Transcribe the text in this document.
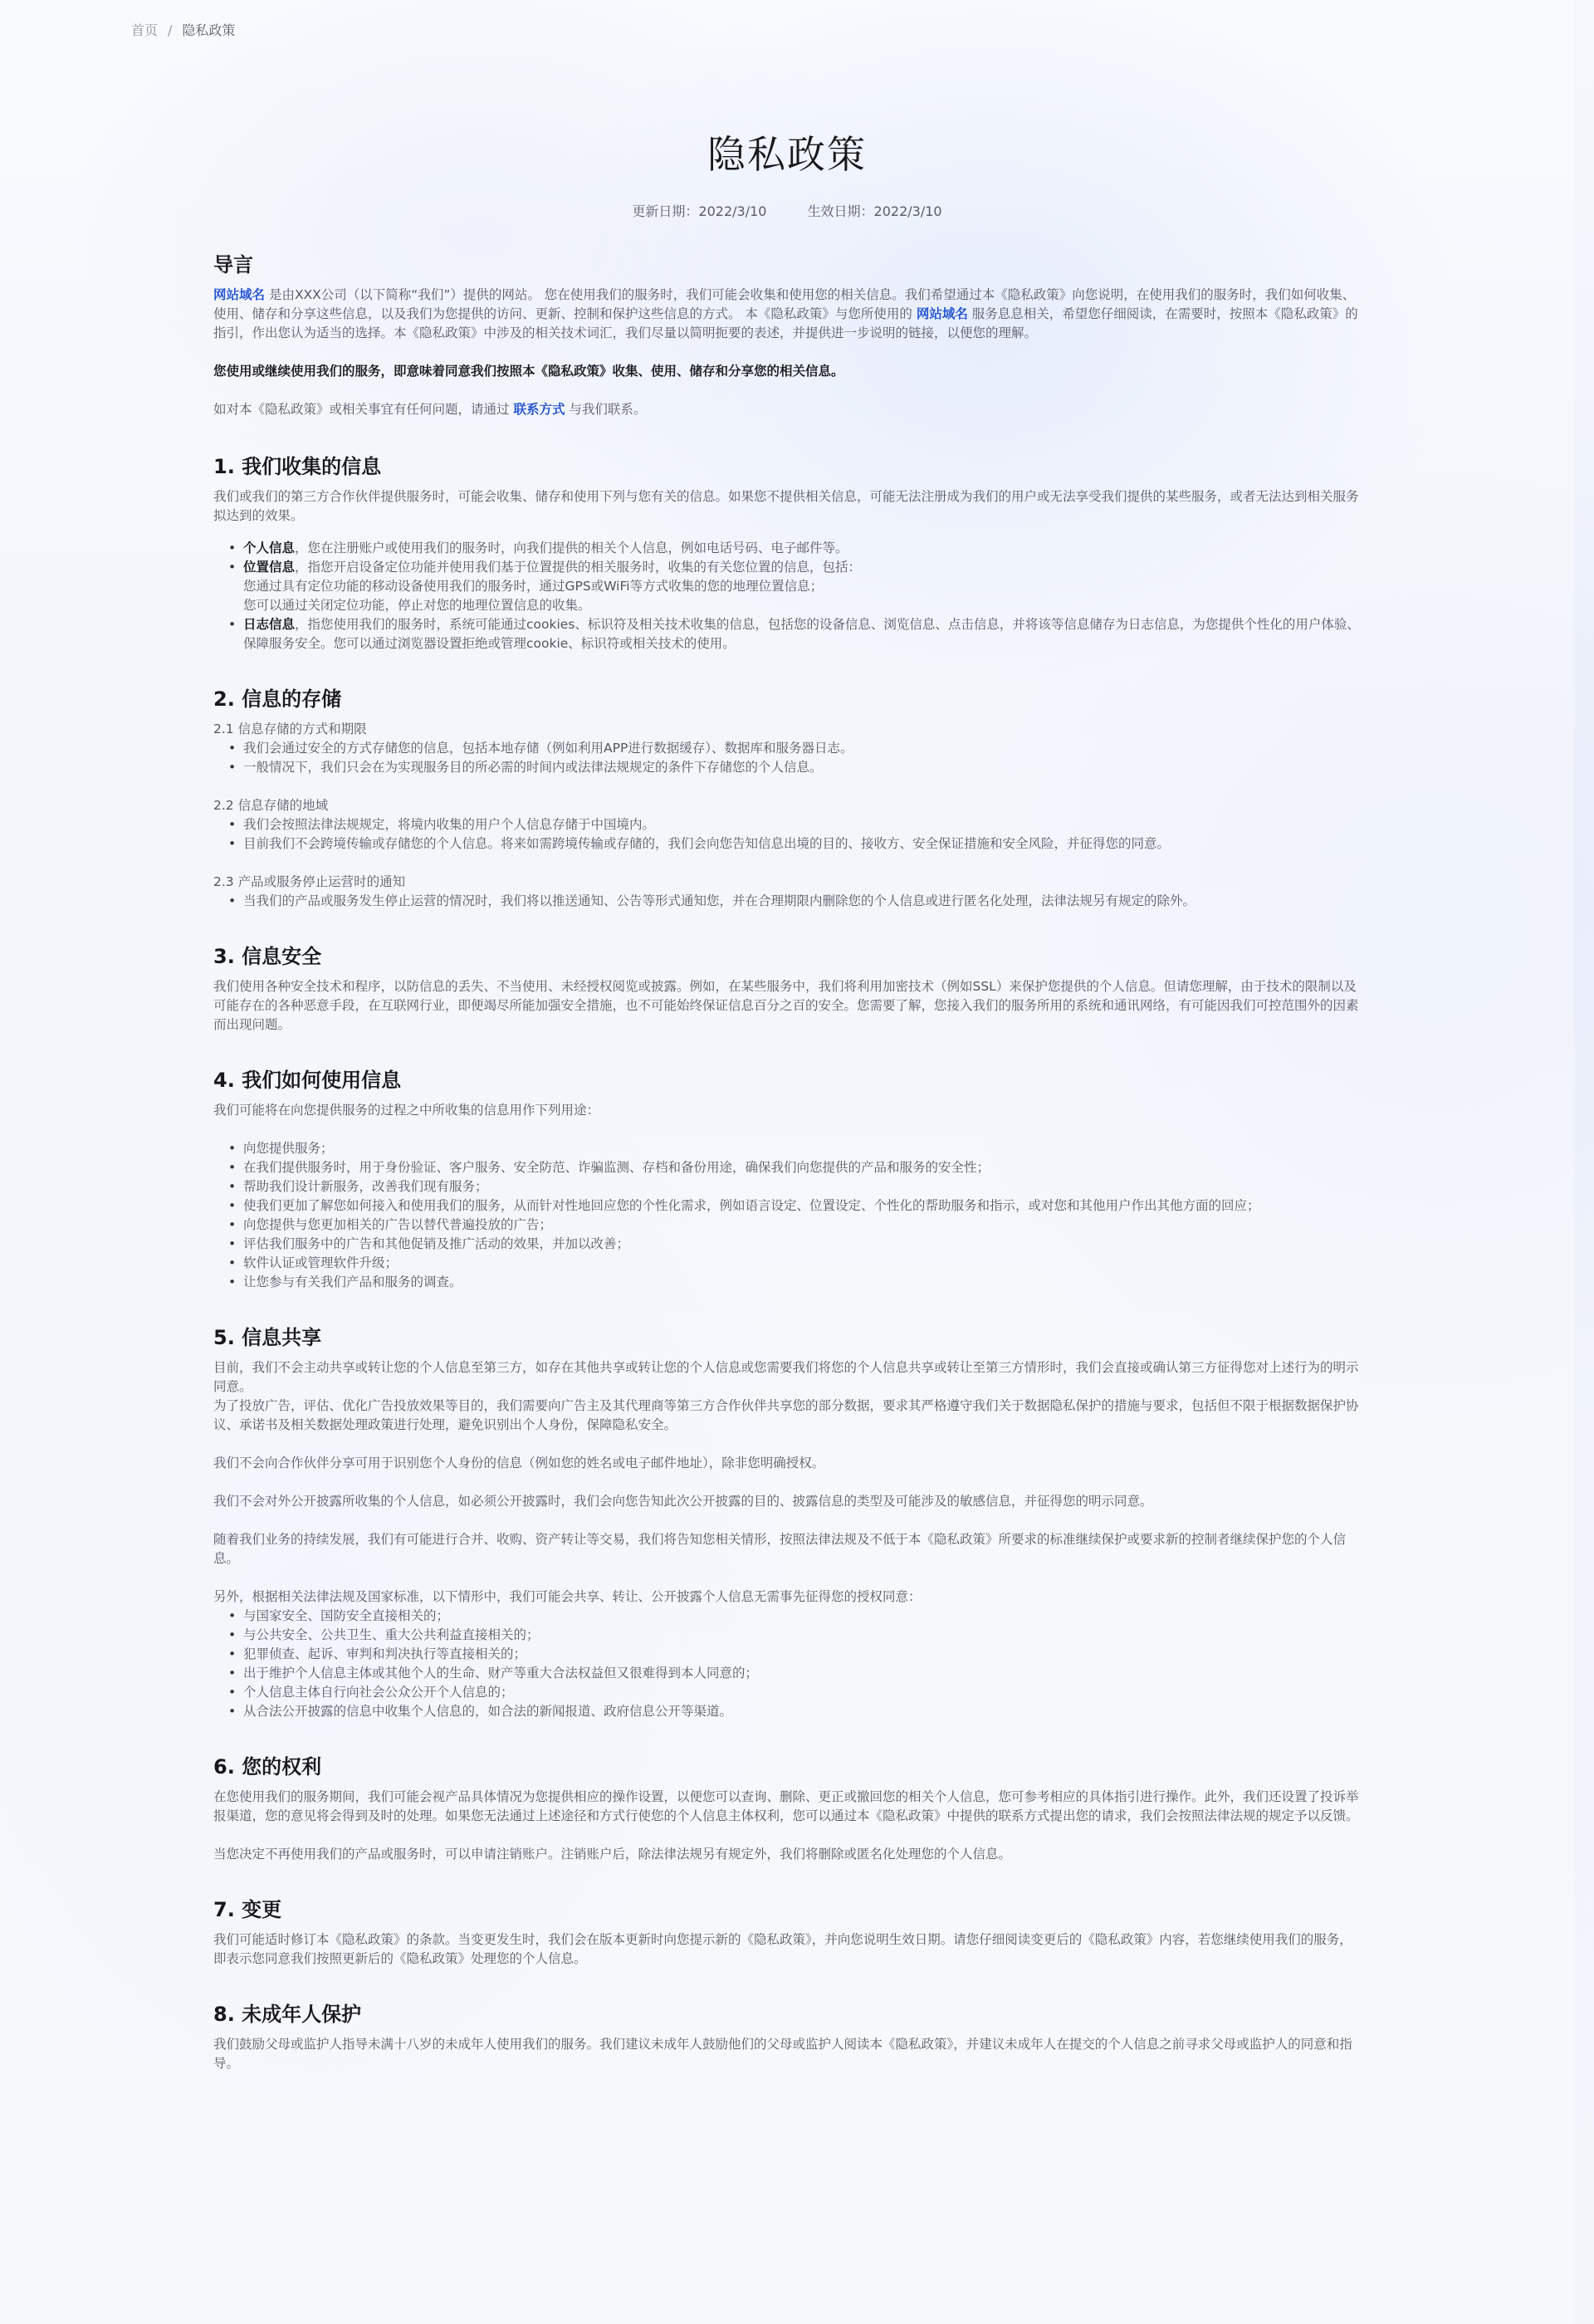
首页 / 隐私政策
隐私政策
更新日期：2022/3/10	生效日期：2022/3/10
导言

网站域名 是由XXX公司（以下简称“我们”）提供的网站。 您在使用我们的服务时，我们可能会收集和使用您的相关信息。我们希望通过本《隐私政策》向您说明，在使用我们的服务时，我们如何收集、使用、储存和分享这些信息，以及我们为您提供的访问、更新、控制和保护这些信息的方式。 本《隐私政策》与您所使用的 网站域名 服务息息相关，希望您仔细阅读，在需要时，按照本《隐私政策》的指引，作出您认为适当的选择。本《隐私政策》中涉及的相关技术词汇，我们尽量以简明扼要的表述，并提供进一步说明的链接，以便您的理解。

您使用或继续使用我们的服务，即意味着同意我们按照本《隐私政策》收集、使用、储存和分享您的相关信息。

如对本《隐私政策》或相关事宜有任何问题，请通过 联系方式 与我们联系。

1. 我们收集的信息

我们或我们的第三方合作伙伴提供服务时，可能会收集、储存和使用下列与您有关的信息。如果您不提供相关信息，可能无法注册成为我们的用户或无法享受我们提供的某些服务，或者无法达到相关服务拟达到的效果。

• 个人信息，您在注册账户或使用我们的服务时，向我们提供的相关个人信息，例如电话号码、电子邮件等。
• 位置信息，指您开启设备定位功能并使用我们基于位置提供的相关服务时，收集的有关您位置的信息，包括：
您通过具有定位功能的移动设备使用我们的服务时，通过GPS或WiFi等方式收集的您的地理位置信息；
您可以通过关闭定位功能，停止对您的地理位置信息的收集。
• 日志信息，指您使用我们的服务时，系统可能通过cookies、标识符及相关技术收集的信息，包括您的设备信息、浏览信息、点击信息，并将该等信息储存为日志信息，为您提供个性化的用户体验、保障服务安全。您可以通过浏览器设置拒绝或管理cookie、标识符或相关技术的使用。
2. 信息的存储

2.1 信息存储的方式和期限

• 我们会通过安全的方式存储您的信息，包括本地存储（例如利用APP进行数据缓存）、数据库和服务器日志。
• 一般情况下，我们只会在为实现服务目的所必需的时间内或法律法规规定的条件下存储您的个人信息。

2.2 信息存储的地域

• 我们会按照法律法规规定，将境内收集的用户个人信息存储于中国境内。
• 目前我们不会跨境传输或存储您的个人信息。将来如需跨境传输或存储的，我们会向您告知信息出境的目的、接收方、安全保证措施和安全风险，并征得您的同意。

2.3 产品或服务停止运营时的通知

• 当我们的产品或服务发生停止运营的情况时，我们将以推送通知、公告等形式通知您，并在合理期限内删除您的个人信息或进行匿名化处理，法律法规另有规定的除外。
3. 信息安全

我们使用各种安全技术和程序，以防信息的丢失、不当使用、未经授权阅览或披露。例如，在某些服务中，我们将利用加密技术（例如SSL）来保护您提供的个人信息。但请您理解，由于技术的限制以及可能存在的各种恶意手段，在互联网行业，即便竭尽所能加强安全措施，也不可能始终保证信息百分之百的安全。您需要了解，您接入我们的服务所用的系统和通讯网络，有可能因我们可控范围外的因素而出现问题。

4. 我们如何使用信息

我们可能将在向您提供服务的过程之中所收集的信息用作下列用途：

• 向您提供服务；
• 在我们提供服务时，用于身份验证、客户服务、安全防范、诈骗监测、存档和备份用途，确保我们向您提供的产品和服务的安全性；
• 帮助我们设计新服务，改善我们现有服务；
• 使我们更加了解您如何接入和使用我们的服务，从而针对性地回应您的个性化需求，例如语言设定、位置设定、个性化的帮助服务和指示，或对您和其他用户作出其他方面的回应；
• 向您提供与您更加相关的广告以替代普遍投放的广告；
• 评估我们服务中的广告和其他促销及推广活动的效果，并加以改善；
• 软件认证或管理软件升级；
• 让您参与有关我们产品和服务的调查。
5. 信息共享

目前，我们不会主动共享或转让您的个人信息至第三方，如存在其他共享或转让您的个人信息或您需要我们将您的个人信息共享或转让至第三方情形时，我们会直接或确认第三方征得您对上述行为的明示同意。

为了投放广告，评估、优化广告投放效果等目的，我们需要向广告主及其代理商等第三方合作伙伴共享您的部分数据，要求其严格遵守我们关于数据隐私保护的措施与要求，包括但不限于根据数据保护协议、承诺书及相关数据处理政策进行处理，避免识别出个人身份，保障隐私安全。

我们不会向合作伙伴分享可用于识别您个人身份的信息（例如您的姓名或电子邮件地址），除非您明确授权。

我们不会对外公开披露所收集的个人信息，如必须公开披露时，我们会向您告知此次公开披露的目的、披露信息的类型及可能涉及的敏感信息，并征得您的明示同意。

随着我们业务的持续发展，我们有可能进行合并、收购、资产转让等交易，我们将告知您相关情形，按照法律法规及不低于本《隐私政策》所要求的标准继续保护或要求新的控制者继续保护您的个人信息。

另外，根据相关法律法规及国家标准，以下情形中，我们可能会共享、转让、公开披露个人信息无需事先征得您的授权同意：

• 与国家安全、国防安全直接相关的；
• 与公共安全、公共卫生、重大公共利益直接相关的；
• 犯罪侦查、起诉、审判和判决执行等直接相关的；
• 出于维护个人信息主体或其他个人的生命、财产等重大合法权益但又很难得到本人同意的；
• 个人信息主体自行向社会公众公开个人信息的；
• 从合法公开披露的信息中收集个人信息的，如合法的新闻报道、政府信息公开等渠道。
6. 您的权利

在您使用我们的服务期间，我们可能会视产品具体情况为您提供相应的操作设置，以便您可以查询、删除、更正或撤回您的相关个人信息，您可参考相应的具体指引进行操作。此外，我们还设置了投诉举报渠道，您的意见将会得到及时的处理。如果您无法通过上述途径和方式行使您的个人信息主体权利，您可以通过本《隐私政策》中提供的联系方式提出您的请求，我们会按照法律法规的规定予以反馈。

当您决定不再使用我们的产品或服务时，可以申请注销账户。注销账户后，除法律法规另有规定外，我们将删除或匿名化处理您的个人信息。

7. 变更

我们可能适时修订本《隐私政策》的条款。当变更发生时，我们会在版本更新时向您提示新的《隐私政策》，并向您说明生效日期。请您仔细阅读变更后的《隐私政策》内容，若您继续使用我们的服务，即表示您同意我们按照更新后的《隐私政策》处理您的个人信息。

8. 未成年人保护

我们鼓励父母或监护人指导未满十八岁的未成年人使用我们的服务。我们建议未成年人鼓励他们的父母或监护人阅读本《隐私政策》，并建议未成年人在提交的个人信息之前寻求父母或监护人的同意和指导。
